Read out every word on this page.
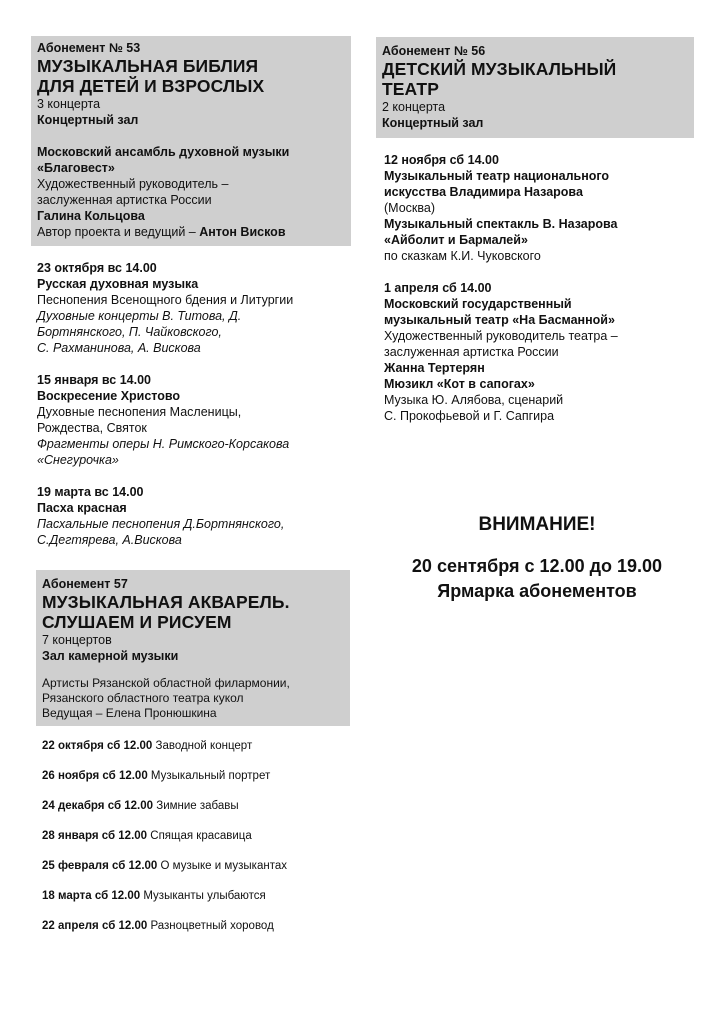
Абонемент № 53
МУЗЫКАЛЬНАЯ БИБЛИЯ
ДЛЯ ДЕТЕЙ И ВЗРОСЛЫХ
3 концерта
Концертный зал
Московский ансамбль духовной музыки
«Благовест»
Художественный руководитель –
заслуженная артистка России
Галина Кольцова
Автор проекта и ведущий – Антон Висков
23 октября вс 14.00
Русская духовная музыка
Песнопения Всенощного бдения и Литургии
Духовные концерты В. Титова, Д.
Бортнянского, П. Чайковского,
С. Рахманинова, А. Вискова
15 января вс 14.00
Воскресение Христово
Духовные песнопения Масленицы,
Рождества, Святок
Фрагменты оперы Н. Римского-Корсакова
«Снегурочка»
19 марта вс 14.00
Пасха красная
Пасхальные песнопения Д.Бортнянского,
С.Дегтярева, А.Вискова
Абонемент 57
МУЗЫКАЛЬНАЯ АКВАРЕЛЬ.
СЛУШАЕМ И РИСУЕМ
7 концертов
Зал камерной музыки
Артисты Рязанской областной филармонии,
Рязанского областного театра кукол
Ведущая – Елена Пронюшкина
22 октября сб 12.00 Заводной концерт
26 ноября сб 12.00 Музыкальный портрет
24 декабря сб 12.00 Зимние забавы
28 января сб 12.00 Спящая красавица
25 февраля сб 12.00 О музыке и музыкантах
18 марта сб 12.00 Музыканты улыбаются
22 апреля сб 12.00 Разноцветный хоровод
Абонемент № 56
ДЕТСКИЙ МУЗЫКАЛЬНЫЙ
ТЕАТР
2 концерта
Концертный зал
12 ноября сб 14.00
Музыкальный театр национального
искусства Владимира Назарова
(Москва)
Музыкальный спектакль В. Назарова
«Айболит и Бармалей»
по сказкам К.И. Чуковского
1 апреля сб 14.00
Московский государственный
музыкальный театр «На Басманной»
Художественный руководитель театра –
заслуженная артистка России
Жанна Тертерян
Мюзикл «Кот в сапогах»
Музыка Ю. Алябова, сценарий
С. Прокофьевой и Г. Сапгира
ВНИМАНИЕ!
20 сентября с 12.00 до 19.00
Ярмарка абонементов
